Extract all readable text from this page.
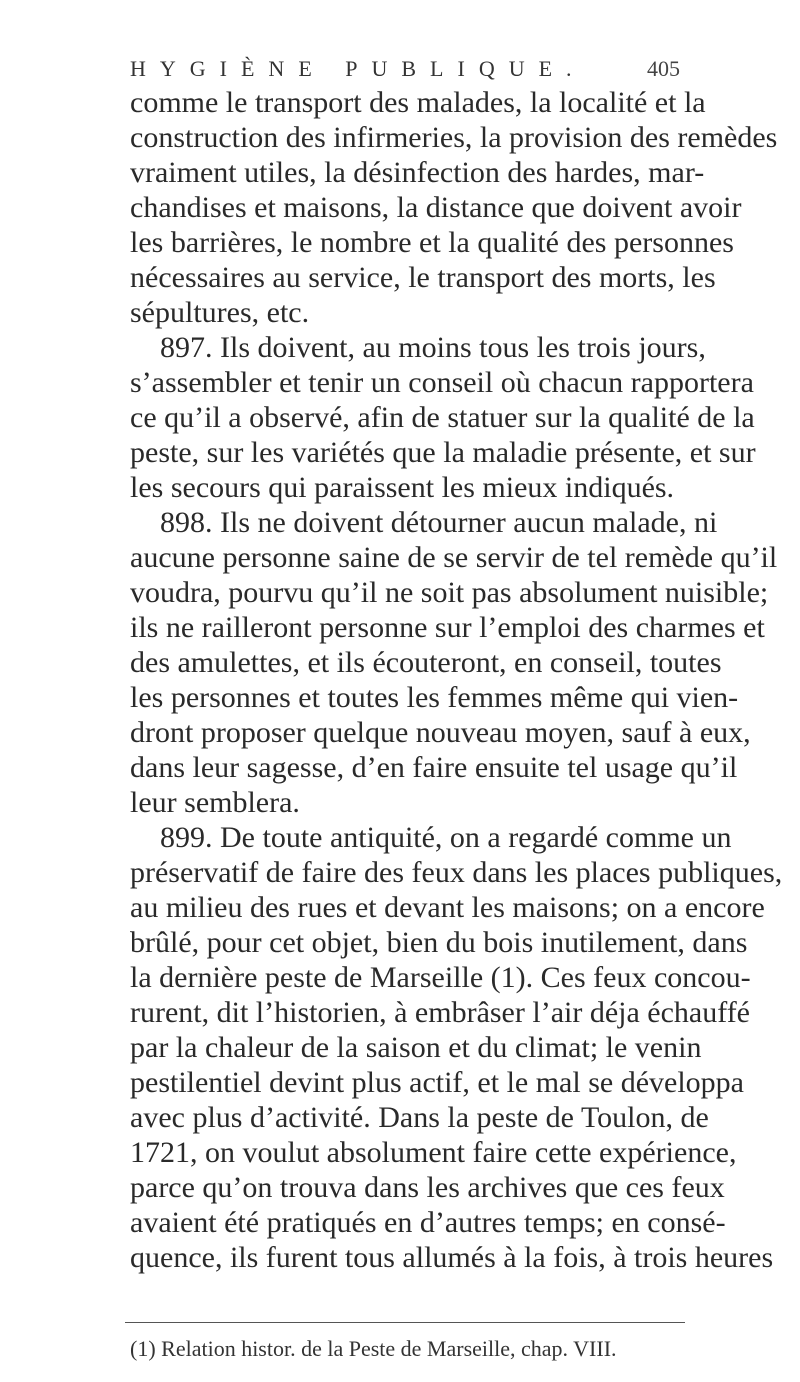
HYGIÈNE PUBLIQUE.	405
comme le transport des malades, la localité et la
construction des infirmeries, la provision des remèdes
vraiment utiles, la désinfection des hardes, mar-
chandises et maisons, la distance que doivent avoir
les barrières, le nombre et la qualité des personnes
nécessaires au service, le transport des morts, les
sépultures, etc.
897. Ils doivent, au moins tous les trois jours,
s’assembler et tenir un conseil où chacun rapportera
ce qu’il a observé, afin de statuer sur la qualité de la
peste, sur les variétés que la maladie présente, et sur
les secours qui paraissent les mieux indiqués.
898. Ils ne doivent détourner aucun malade, ni
aucune personne saine de se servir de tel remède qu’il
voudra, pourvu qu’il ne soit pas absolument nuisible;
ils ne railleront personne sur l’emploi des charmes et
des amulettes, et ils écouteront, en conseil, toutes
les personnes et toutes les femmes même qui vien-
dront proposer quelque nouveau moyen, sauf à eux,
dans leur sagesse, d’en faire ensuite tel usage qu’il
leur semblera.
899. De toute antiquité, on a regardé comme un
préservatif de faire des feux dans les places publiques,
au milieu des rues et devant les maisons; on a encore
brûlé, pour cet objet, bien du bois inutilement, dans
la dernière peste de Marseille (1). Ces feux concou-
rurent, dit l’historien, à embrâser l’air déja échauffé
par la chaleur de la saison et du climat; le venin
pestilentiel devint plus actif, et le mal se développa
avec plus d’activité. Dans la peste de Toulon, de
1721, on voulut absolument faire cette expérience,
parce qu’on trouva dans les archives que ces feux
avaient été pratiqués en d’autres temps; en consé-
quence, ils furent tous allumés à la fois, à trois heures
(1) Relation histor. de la Peste de Marseille, chap. VIII.
